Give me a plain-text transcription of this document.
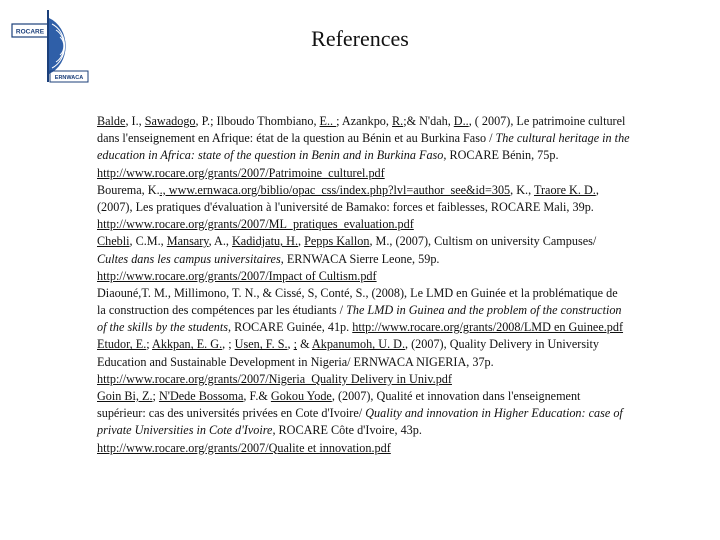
ROCARE
ERNWACA
References
Balde, I., Sawadogo, P.; Ilboudo Thombiano, E.. ; Azankpo, R.;& N'dah, D.., ( 2007), Le patrimoine culturel
dans l'enseignement en Afrique: état de la question au Bénin et au Burkina Faso / The cultural heritage in the
education in Africa: state of the question in Benin and in Burkina Faso, ROCARE Bénin, 75p.
http://www.rocare.org/grants/2007/Patrimoine_culturel.pdf
Bourema, K.., www.ernwaca.org/biblio/opac_css/index.php?lvl=author_see&id=305, K., Traore K. D.,
(2007), Les pratiques d'évaluation à l'université de Bamako: forces et faiblesses, ROCARE Mali, 39p.
http://www.rocare.org/grants/2007/ML_pratiques_evaluation.pdf
Chebli, C.M., Mansary, A., Kadidjatu, H., Pepps Kallon, M., (2007), Cultism on university Campuses/
Cultes dans les campus universitaires, ERNWACA Sierre Leone, 59p.
http://www.rocare.org/grants/2007/Impact of Cultism.pdf
Diaouné,T. M., Millimono, T. N., & Cissé, S, Conté, S., (2008), Le LMD en Guinée et la problématique de
la construction des compétences par les étudiants / The LMD in Guinea and the problem of the construction
of the skills by the students, ROCARE Guinée, 41p. http://www.rocare.org/grants/2008/LMD en Guinee.pdf
Etudor, E.; Akkpan, E. G., ; Usen, F. S., ; & Akpanumoh, U. D., (2007), Quality Delivery in University
Education and Sustainable Development in Nigeria/ ERNWACA NIGERIA, 37p.
http://www.rocare.org/grants/2007/Nigeria_Quality Delivery in Univ.pdf
Goin Bi, Z.; N'Dede Bossoma, F.& Gokou Yode, (2007), Qualité et innovation dans l'enseignement
supérieur: cas des universités privées en Cote d'Ivoire/ Quality and innovation in Higher Education: case of
private Universities in Cote d'Ivoire, ROCARE Côte d'Ivoire, 43p.
http://www.rocare.org/grants/2007/Qualite et innovation.pdf
